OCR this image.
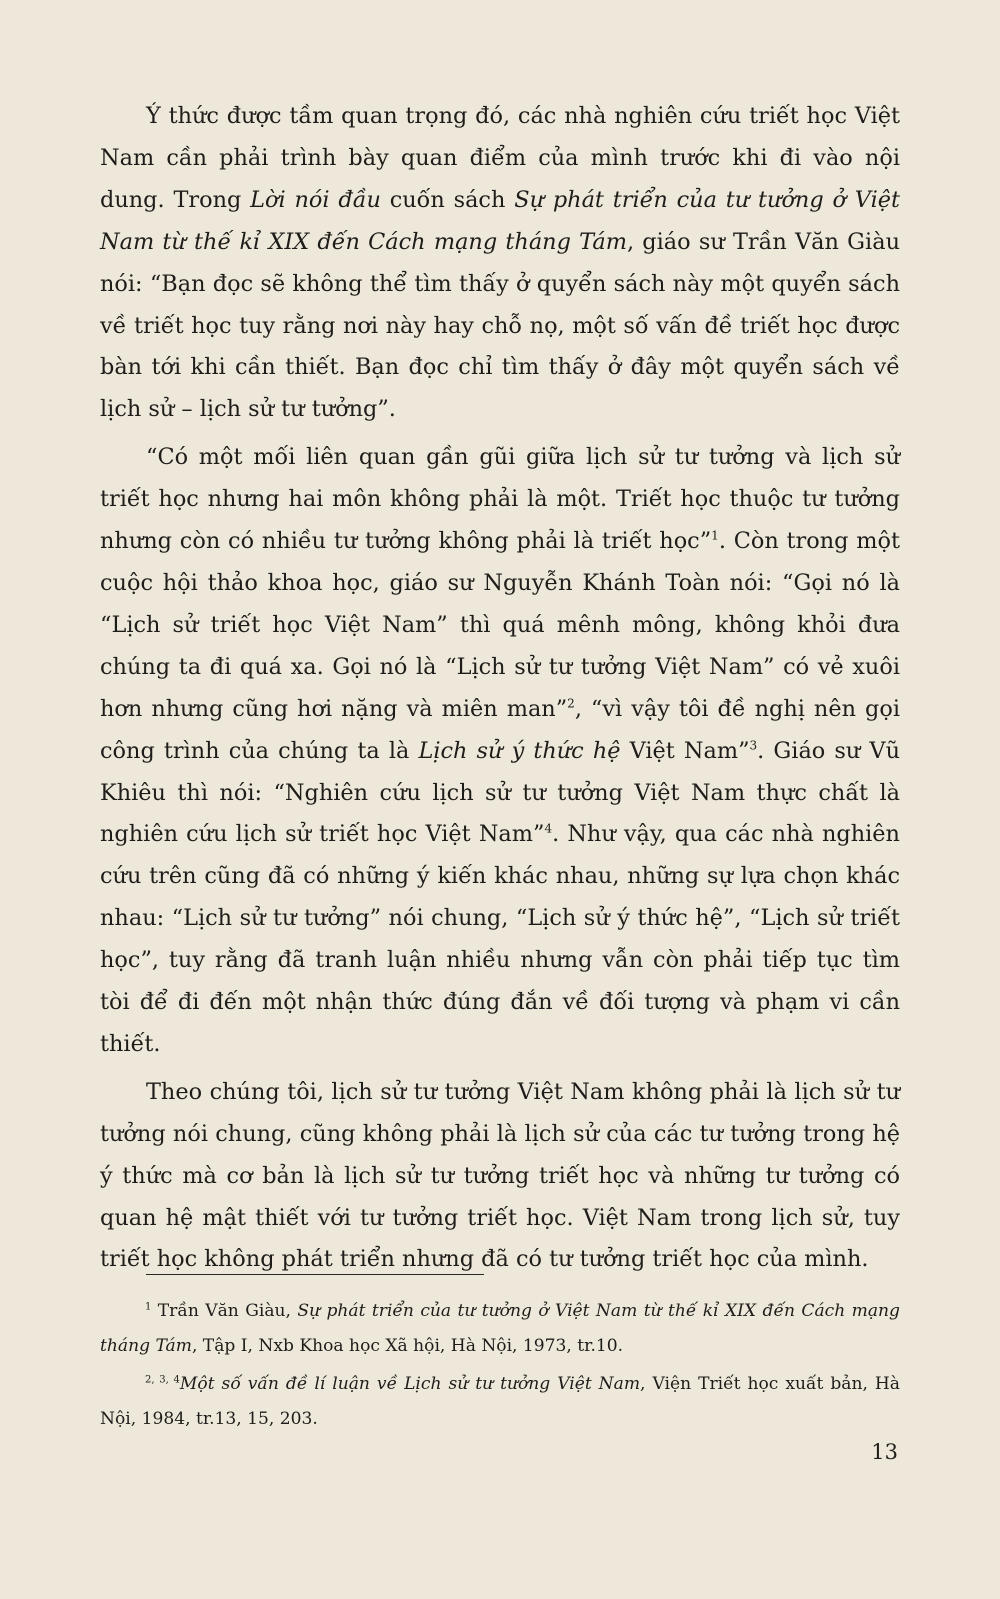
Ý thức được tầm quan trọng đó, các nhà nghiên cứu triết học Việt Nam cần phải trình bày quan điểm của mình trước khi đi vào nội dung. Trong Lời nói đầu cuốn sách Sự phát triển của tư tưởng ở Việt Nam từ thế kỉ XIX đến Cách mạng tháng Tám, giáo sư Trần Văn Giàu nói: “Bạn đọc sẽ không thể tìm thấy ở quyển sách này một quyển sách về triết học tuy rằng nơi này hay chỗ nọ, một số vấn đề triết học được bàn tới khi cần thiết. Bạn đọc chỉ tìm thấy ở đây một quyển sách về lịch sử – lịch sử tư tưởng”.

“Có một mối liên quan gần gũi giữa lịch sử tư tưởng và lịch sử triết học nhưng hai môn không phải là một. Triết học thuộc tư tưởng nhưng còn có nhiều tư tưởng không phải là triết học”$^1$. Còn trong một cuộc hội thảo khoa học, giáo sư Nguyễn Khánh Toàn nói: “Gọi nó là “Lịch sử triết học Việt Nam” thì quá mênh mông, không khỏi đưa chúng ta đi quá xa. Gọi nó là “Lịch sử tư tưởng Việt Nam” có vẻ xuôi hơn nhưng cũng hơi nặng và miên man”$^2$, “vì vậy tôi đề nghị nên gọi công trình của chúng ta là Lịch sử ý thức hệ Việt Nam”$^3$. Giáo sư Vũ Khiêu thì nói: “Nghiên cứu lịch sử tư tưởng Việt Nam thực chất là nghiên cứu lịch sử triết học Việt Nam”$^4$. Như vậy, qua các nhà nghiên cứu trên cũng đã có những ý kiến khác nhau, những sự lựa chọn khác nhau: “Lịch sử tư tưởng” nói chung, “Lịch sử ý thức hệ”, “Lịch sử triết học”, tuy rằng đã tranh luận nhiều nhưng vẫn còn phải tiếp tục tìm tòi để đi đến một nhận thức đúng đắn về đối tượng và phạm vi cần thiết.

Theo chúng tôi, lịch sử tư tưởng Việt Nam không phải là lịch sử tư tưởng nói chung, cũng không phải là lịch sử của các tư tưởng trong hệ ý thức mà cơ bản là lịch sử tư tưởng triết học và những tư tưởng có quan hệ mật thiết với tư tưởng triết học. Việt Nam trong lịch sử, tuy triết học không phát triển nhưng đã có tư tưởng triết học của mình.

$^1$ Trần Văn Giàu, Sự phát triển của tư tưởng ở Việt Nam từ thế kỉ XIX đến Cách mạng tháng Tám, Tập I, Nxb Khoa học Xã hội, Hà Nội, 1973, tr.10.
$^{2, 3, 4}$Một số vấn đề lí luận về Lịch sử tư tưởng Việt Nam, Viện Triết học xuất bản, Hà Nội, 1984, tr.13, 15, 203.
13
